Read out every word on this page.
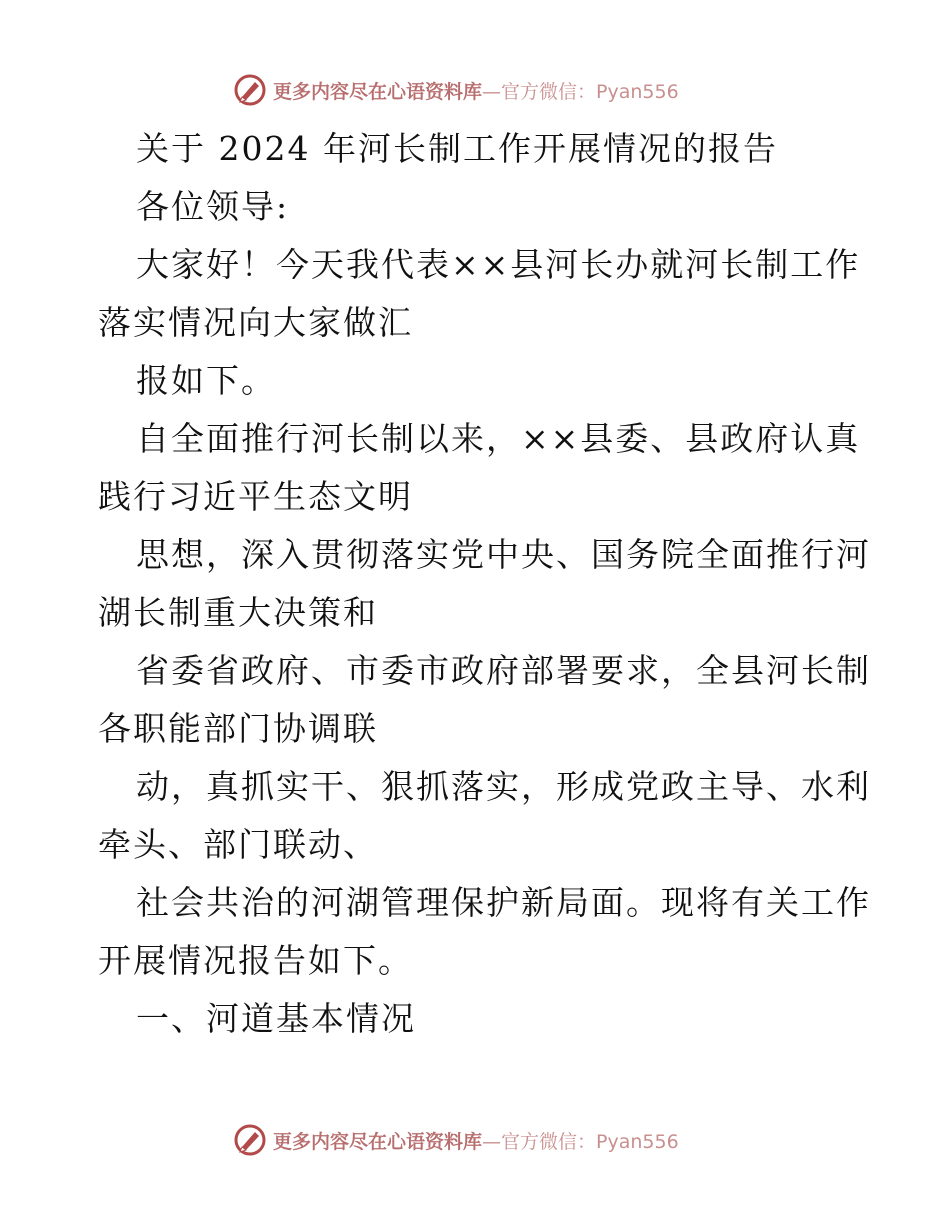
更多内容尽在心语资料库—官方微信：Pyan556

关于 2024 年河长制工作开展情况的报告

各位领导:

大家好！今天我代表××县河长办就河长制工作

落实情况向大家做汇

报如下。

自全面推行河长制以来，××县委、县政府认真

践行习近平生态文明

思想，深入贯彻落实党中央、国务院全面推行河

湖长制重大决策和

省委省政府、市委市政府部署要求，全县河长制

各职能部门协调联

动，真抓实干、狠抓落实，形成党政主导、水利

牵头、部门联动、

社会共治的河湖管理保护新局面。现将有关工作

开展情况报告如下。

一、河道基本情况

更多内容尽在心语资料库—官方微信：Pyan556
